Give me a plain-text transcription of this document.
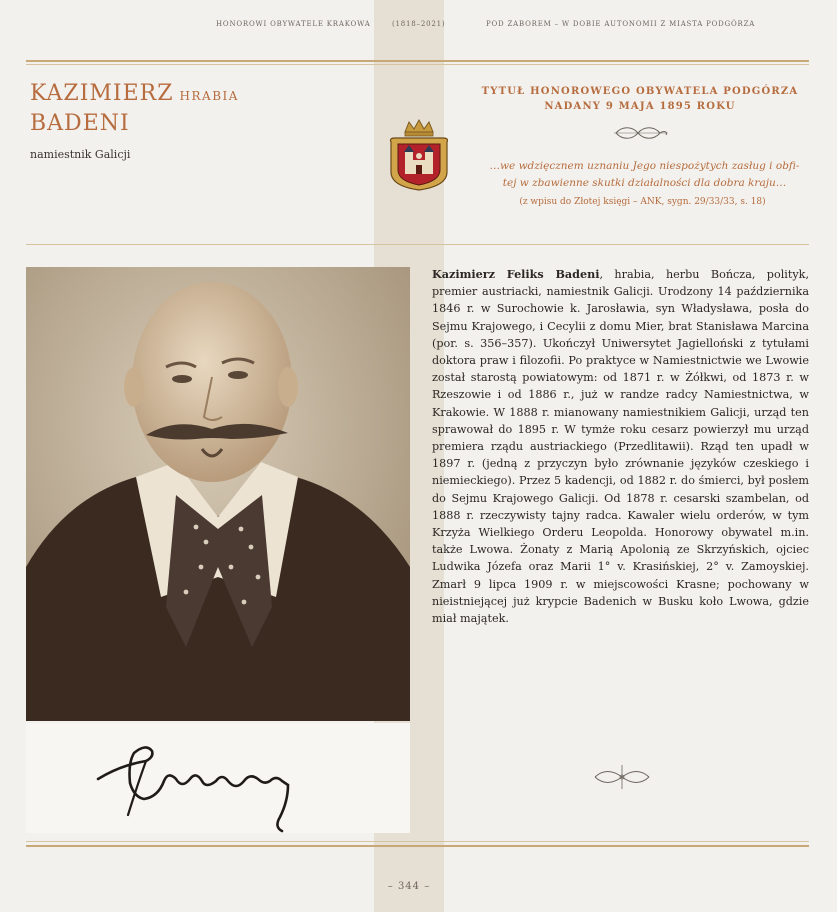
HONOROWI OBYWATELE KRAKOWA	(1818–2021)	POD ZABOREM – W DOBIE AUTONOMII Z MIASTA PODGÓRZA
KAZIMIERZ HRABIA
BADENI
namiestnik Galicji
TYTUŁ HONOROWEGO OBYWATELA PODGÓRZA
NADANY 9 MAJA 1895 ROKU
…we wdzięcznem uznaniu Jego niespożytych zasług i obfi-
tej w zbawienne skutki działalności dla dobra kraju…
(z wpisu do Złotej księgi – ANK, sygn. 29/33/33, s. 18)
Kazimierz Feliks Badeni, hrabia, herbu Bończa, polityk, premier austriacki, namiestnik Galicji. Urodzony 14 października 1846 r. w Surochowie k. Jarosławia, syn Władysława, posła do Sejmu Krajowego, i Cecylii z domu Mier, brat Stanisława Marcina (por. s. 356–357). Ukończył Uniwersytet Jagielloński z tytułami doktora praw i filozofii. Po praktyce w Namiestnictwie we Lwowie został starostą powiatowym: od 1871 r. w Żółkwi, od 1873 r. w Rzeszowie i od 1886 r., już w randze radcy Namiestnictwa, w Krakowie. W 1888 r. mianowany namiestnikiem Galicji, urząd ten sprawował do 1895 r. W tymże roku cesarz powierzył mu urząd premiera rządu austriackiego (Przedlitawii). Rząd ten upadł w 1897 r. (jedną z przyczyn było zrównanie języków czeskiego i niemieckiego). Przez 5 kadencji, od 1882 r. do śmierci, był posłem do Sejmu Krajowego Galicji. Od 1878 r. cesarski szambelan, od 1888 r. rzeczywisty tajny radca. Kawaler wielu orderów, w tym Krzyża Wielkiego Orderu Leopolda. Honorowy obywatel m.in. także Lwowa. Żonaty z Marią Apolonią ze Skrzyńskich, ojciec Ludwika Józefa oraz Marii 1° v. Krasińskiej, 2° v. Zamoyskiej. Zmarł 9 lipca 1909 r. w miejscowości Krasne; pochowany w nieistniejącej już krypcie Badenich w Busku koło Lwowa, gdzie miał majątek.
– 344 –
